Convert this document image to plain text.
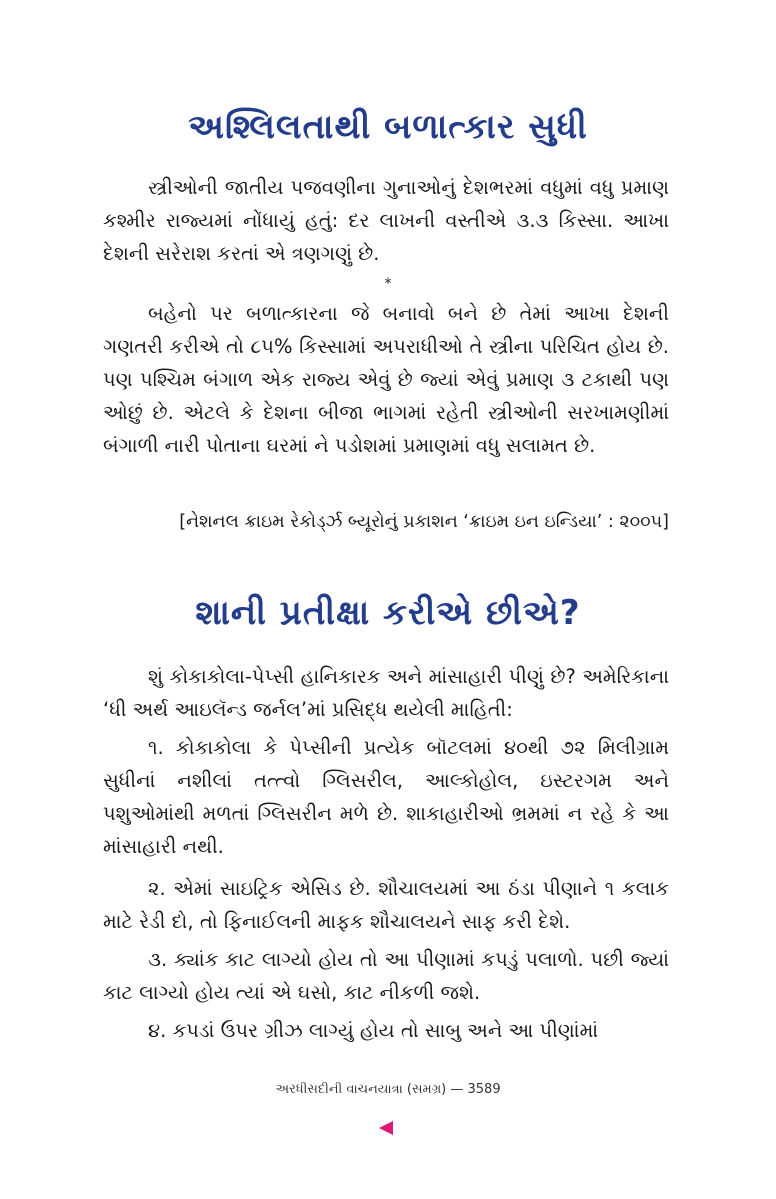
અશ્લિલતાથી બળાત્કાર સુધી

સ્ત્રીઓની જાતીય પજવણીના ગુનાઓનું દેશભરમાં વધુમાં વધુ પ્રમાણ કશ્મીર રાજ્યમાં નોંધાયું હતું: દર લાખની વસ્તીએ ૩.૩ કિસ્સા. આખા દેશની સરેરાશ કરતાં એ ત્રણગણું છે.

*

બહેનો પર બળાત્કારના જે બનાવો બને છે તેમાં આખા દેશની ગણતરી કરીએ તો ૮૫% કિસ્સામાં અપરાધીઓ તે સ્ત્રીના પરિચિત હોય છે. પણ પશ્ચિમ બંગાળ એક રાજ્ય એવું છે જ્યાં એવું પ્રમાણ ૩ ટકાથી પણ ઓછું છે. એટલે કે દેશના બીજા ભાગમાં રહેતી સ્ત્રીઓની સરખામણીમાં બંગાળી નારી પોતાના ઘરમાં ને પડોશમાં પ્રમાણમાં વધુ સલામત છે.

[નેશનલ ક્રાઇમ રેકોર્ડ્ઝ બ્યૂરોનું પ્રકાશન ‘ક્રાઇમ ઇન ઇન્ડિયા’ : ૨૦૦૫]
શાની પ્રતીક્ષા કરીએ છીએ?

શું કોકાકોલા-પેપ્સી હાનિકારક અને માંસાહારી પીણું છે? અમેરિકાના ‘ધી અર્થ આઇલૅન્ડ જર્નલ’માં પ્રસિદ્ધ થયેલી માહિતી:

૧. કોકાકોલા કે પેપ્સીની પ્રત્યેક બૉટલમાં ૪૦થી ૭૨ મિલીગ્રામ સુધીનાં નશીલાં તત્ત્વો ગ્લિસરીલ, આલ્કોહોલ, ઇસ્ટરગમ અને પશુઓમાંથી મળતાં ગ્લિસરીન મળે છે. શાકાહારીઓ ભ્રમમાં ન રહે કે આ માંસાહારી નથી.

૨. એમાં સાઇટ્રિક એસિડ છે. શૌચાલયમાં આ ઠંડા પીણાને ૧ કલાક માટે રેડી દો, તો ફિનાઈલની માફક શૌચાલયને સાફ કરી દેશે.

૩. ક્યાંક કાટ લાગ્યો હોય તો આ પીણામાં કપડું પલાળો. પછી જ્યાં કાટ લાગ્યો હોય ત્યાં એ ઘસો, કાટ નીકળી જશે.

૪. કપડાં ઉપર ગ્રીઝ લાગ્યું હોય તો સાબુ અને આ પીણાંમાં

અરધીસદીની વાચનયાત્રા (સમગ્ર) — 3589
